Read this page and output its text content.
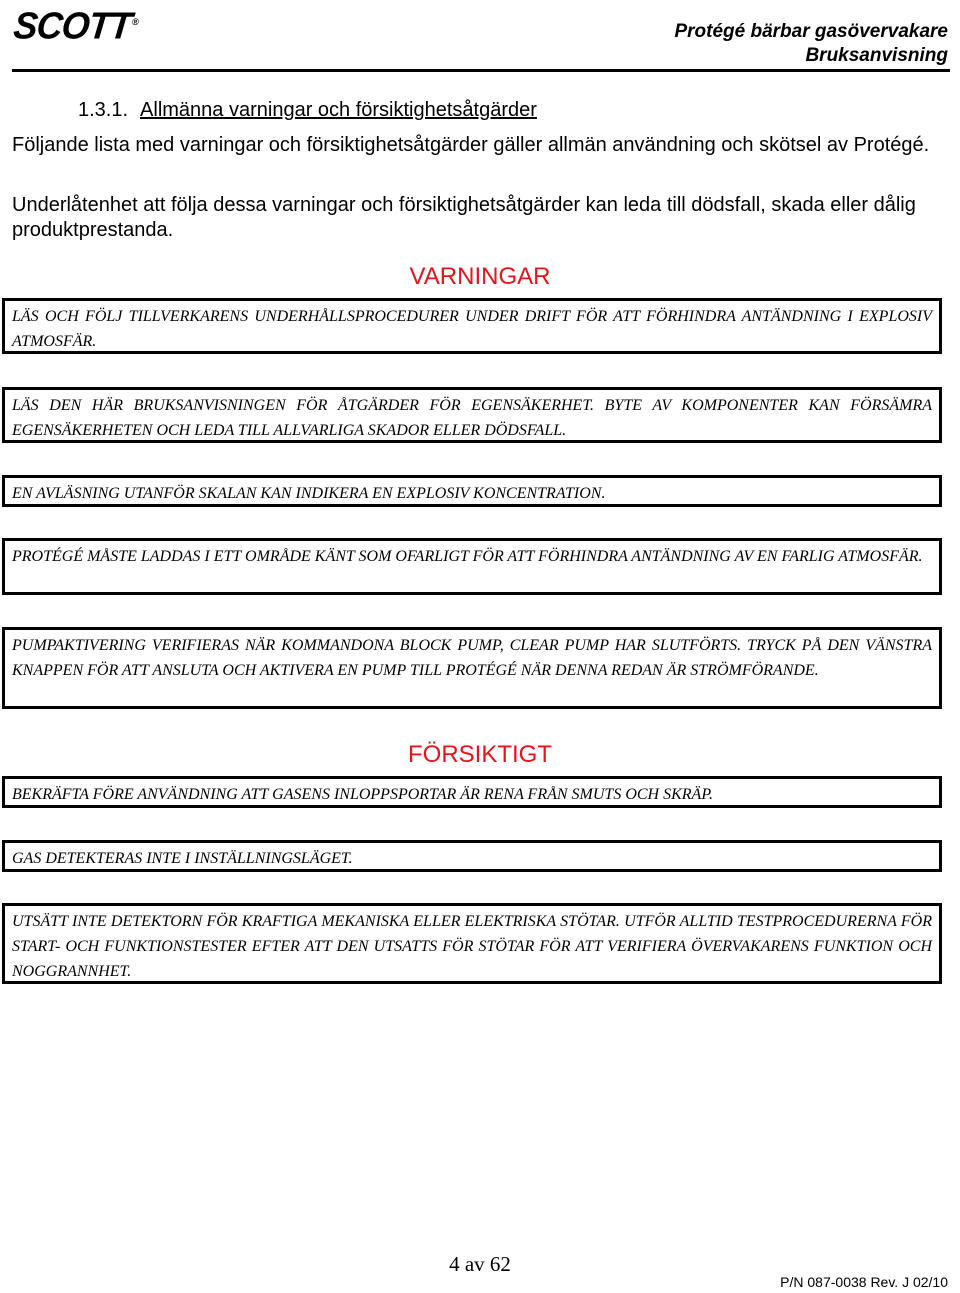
SCOTT®	Protégé bärbar gasövervakare
Bruksanvisning
1.3.1. Allmänna varningar och försiktighetsåtgärder
Följande lista med varningar och försiktighetsåtgärder gäller allmän användning och skötsel av Protégé.
Underlåtenhet att följa dessa varningar och försiktighetsåtgärder kan leda till dödsfall, skada eller dålig produktprestanda.
VARNINGAR

LÄS OCH FÖLJ TILLVERKARENS UNDERHÅLLSPROCEDURER UNDER DRIFT FÖR ATT FÖRHINDRA ANTÄNDNING I EXPLOSIV ATMOSFÄR.

LÄS DEN HÄR BRUKSANVISNINGEN FÖR ÅTGÄRDER FÖR EGENSÄKERHET. BYTE AV KOMPONENTER KAN FÖRSÄMRA EGENSÄKERHETEN OCH LEDA TILL ALLVARLIGA SKADOR ELLER DÖDSFALL.

EN AVLÄSNING UTANFÖR SKALAN KAN INDIKERA EN EXPLOSIV KONCENTRATION.

PROTÉGÉ MÅSTE LADDAS I ETT OMRÅDE KÄNT SOM OFARLIGT FÖR ATT FÖRHINDRA ANTÄNDNING AV EN FARLIG ATMOSFÄR.

PUMPAKTIVERING VERIFIERAS NÄR KOMMANDONA BLOCK PUMP, CLEAR PUMP HAR SLUTFÖRTS. TRYCK PÅ DEN VÄNSTRA KNAPPEN FÖR ATT ANSLUTA OCH AKTIVERA EN PUMP TILL PROTÉGÉ NÄR DENNA REDAN ÄR STRÖMFÖRANDE.

FÖRSIKTIGT

BEKRÄFTA FÖRE ANVÄNDNING ATT GASENS INLOPPSPORTAR ÄR RENA FRÅN SMUTS OCH SKRÄP.

GAS DETEKTERAS INTE I INSTÄLLNINGSLÄGET.

UTSÄTT INTE DETEKTORN FÖR KRAFTIGA MEKANISKA ELLER ELEKTRISKA STÖTAR. UTFÖR ALLTID TESTPROCEDURERNA FÖR START- OCH FUNKTIONSTESTER EFTER ATT DEN UTSATTS FÖR STÖTAR FÖR ATT VERIFIERA ÖVERVAKARENS FUNKTION OCH NOGGRANNHET.

4 av 62
P/N 087-0038 Rev. J 02/10
